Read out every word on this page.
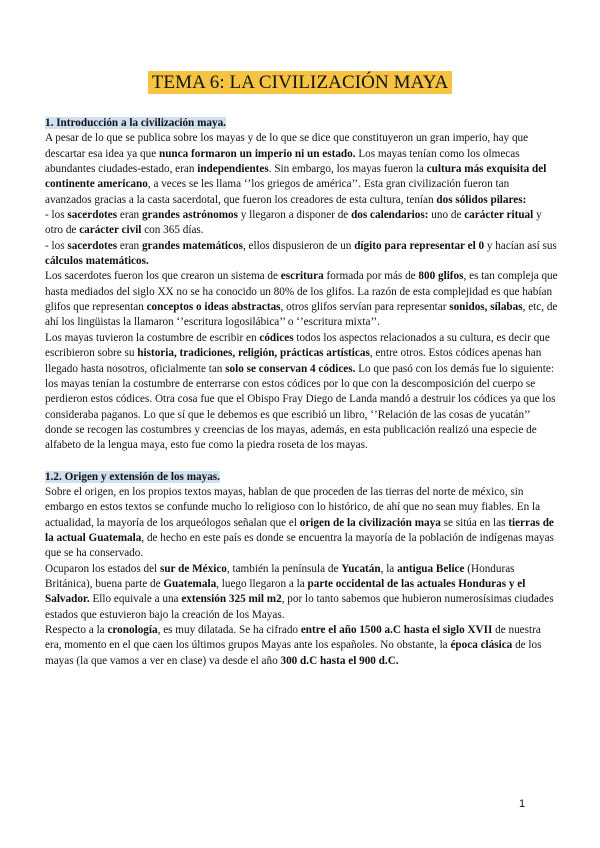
TEMA 6: LA CIVILIZACIÓN MAYA

1. Introducción a la civilización maya.

A pesar de lo que se publica sobre los mayas y de lo que se dice que constituyeron un gran imperio, hay que descartar esa idea ya que nunca formaron un imperio ni un estado. Los mayas tenían como los olmecas abundantes ciudades-estado, eran independientes. Sin embargo, los mayas fueron la cultura más exquisita del continente americano, a veces se les llama ‘’los griegos de américa’’. Esta gran civilización fueron tan avanzados gracias a la casta sacerdotal, que fueron los creadores de esta cultura, tenían dos sólidos pilares:

- los sacerdotes eran grandes astrónomos y llegaron a disponer de dos calendarios: uno de carácter ritual y otro de carácter civil con 365 días.

- los sacerdotes eran grandes matemáticos, ellos dispusieron de un dígito para representar el 0 y hacían así sus cálculos matemáticos.

Los sacerdotes fueron los que crearon un sistema de escritura formada por más de 800 glifos, es tan compleja que hasta mediados del siglo XX no se ha conocido un 80% de los glifos. La razón de esta complejidad es que habían glifos que representan conceptos o ideas abstractas, otros glifos servían para representar sonidos, sílabas, etc, de ahí los lingüistas la llamaron ‘’escritura logosilábica’’ o ‘’escritura mixta’’.

Los mayas tuvieron la costumbre de escribir en códices todos los aspectos relacionados a su cultura, es decir que escribieron sobre su historia, tradiciones, religión, prácticas artísticas, entre otros. Estos códices apenas han llegado hasta nosotros, oficialmente tan solo se conservan 4 códices. Lo que pasó con los demás fue lo siguiente: los mayas tenían la costumbre de enterrarse con estos códices por lo que con la descomposición del cuerpo se perdieron estos códices. Otra cosa fue que el Obispo Fray Diego de Landa mandó a destruir los códices ya que los consideraba paganos. Lo que sí que le debemos es que escribió un libro, ‘’Relación de las cosas de yucatán’’ donde se recogen las costumbres y creencias de los mayas, además, en esta publicación realizó una especie de alfabeto de la lengua maya, esto fue como la piedra roseta de los mayas.

1.2. Origen y extensión de los mayas.

Sobre el origen, en los propios textos mayas, hablan de que proceden de las tierras del norte de méxico, sin embargo en estos textos se confunde mucho lo religioso con lo histórico, de ahí que no sean muy fiables. En la actualidad, la mayoría de los arqueólogos señalan que el origen de la civilización maya se sitúa en las tierras de la actual Guatemala, de hecho en este país es donde se encuentra la mayoría de la población de indígenas mayas que se ha conservado.

Ocuparon los estados del sur de México, también la península de Yucatán, la antigua Belice (Honduras Británica), buena parte de Guatemala, luego llegaron a la parte occidental de las actuales Honduras y el Salvador. Ello equivale a una extensión 325 mil m2, por lo tanto sabemos que hubieron numerosísimas ciudades estados que estuvieron bajo la creación de los Mayas.

Respecto a la cronología, es muy dilatada. Se ha cifrado entre el año 1500 a.C hasta el siglo XVII de nuestra era, momento en el que caen los últimos grupos Mayas ante los españoles. No obstante, la época clásica de los mayas (la que vamos a ver en clase) va desde el año 300 d.C hasta el 900 d.C.

1
